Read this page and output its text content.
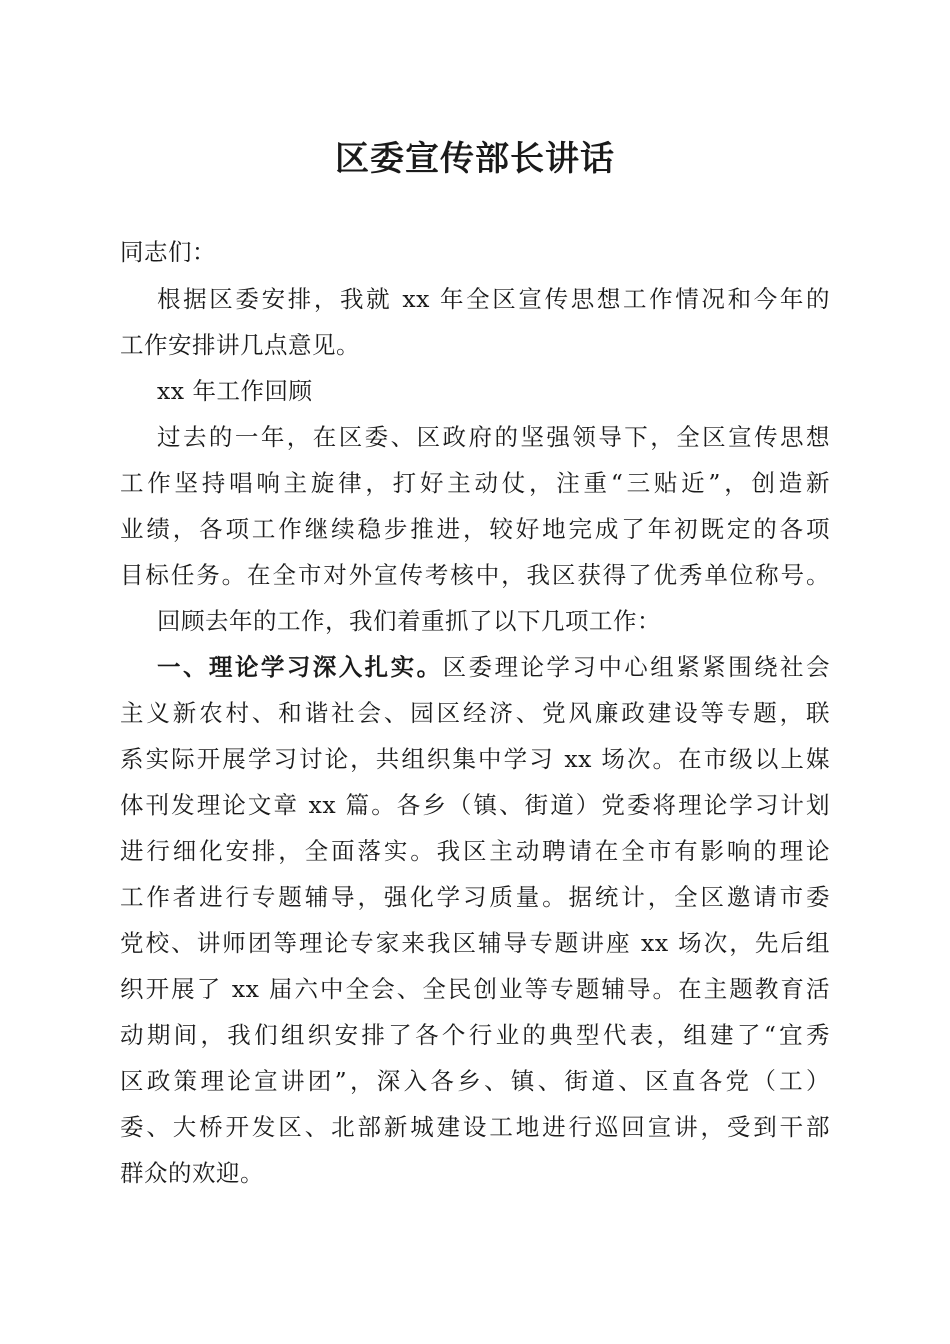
区委宣传部长讲话
同志们：
根据区委安排，我就 xx 年全区宣传思想工作情况和今年的
工作安排讲几点意见。
xx 年工作回顾
过去的一年，在区委、区政府的坚强领导下，全区宣传思想
工作坚持唱响主旋律，打好主动仗，注重“三贴近”，创造新
业绩，各项工作继续稳步推进，较好地完成了年初既定的各项
目标任务。在全市对外宣传考核中，我区获得了优秀单位称号。
回顾去年的工作，我们着重抓了以下几项工作：
一、理论学习深入扎实。区委理论学习中心组紧紧围绕社会
主义新农村、和谐社会、园区经济、党风廉政建设等专题，联
系实际开展学习讨论，共组织集中学习 xx 场次。在市级以上媒
体刊发理论文章 xx 篇。各乡（镇、街道）党委将理论学习计划
进行细化安排，全面落实。我区主动聘请在全市有影响的理论
工作者进行专题辅导，强化学习质量。据统计，全区邀请市委
党校、讲师团等理论专家来我区辅导专题讲座 xx 场次，先后组
织开展了 xx 届六中全会、全民创业等专题辅导。在主题教育活
动期间，我们组织安排了各个行业的典型代表，组建了“宜秀
区政策理论宣讲团”，深入各乡、镇、街道、区直各党（工）
委、大桥开发区、北部新城建设工地进行巡回宣讲，受到干部
群众的欢迎。
